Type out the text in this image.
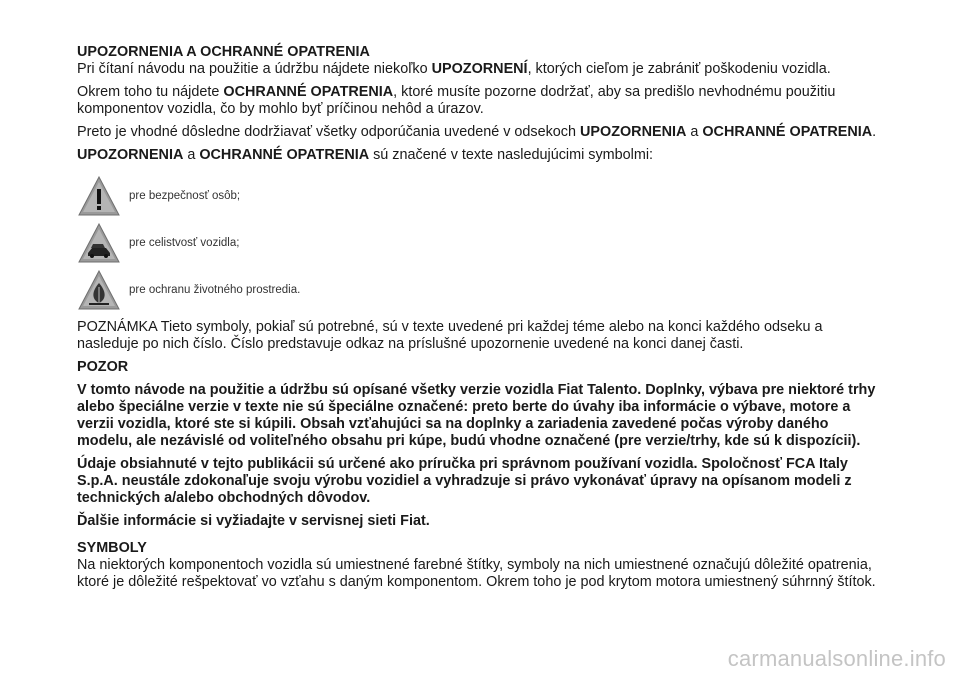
UPOZORNENIA A OCHRANNÉ OPATRENIA

Pri čítaní návodu na použitie a údržbu nájdete niekoľko UPOZORNENÍ, ktorých cieľom je zabrániť poškodeniu vozidla.

Okrem toho tu nájdete OCHRANNÉ OPATRENIA, ktoré musíte pozorne dodržať, aby sa predišlo nevhodnému použitiu komponentov vozidla, čo by mohlo byť príčinou nehôd a úrazov.

Preto je vhodné dôsledne dodržiavať všetky odporúčania uvedené v odsekoch UPOZORNENIA a OCHRANNÉ OPATRENIA.

UPOZORNENIA a OCHRANNÉ OPATRENIA sú značené v texte nasledujúcimi symbolmi:

pre bezpečnosť osôb;
pre celistvosť vozidla;
pre ochranu životného prostredia.

POZNÁMKA Tieto symboly, pokiaľ sú potrebné, sú v texte uvedené pri každej téme alebo na konci každého odseku a nasleduje po nich číslo. Číslo predstavuje odkaz na príslušné upozornenie uvedené na konci danej časti.

POZOR

V tomto návode na použitie a údržbu sú opísané všetky verzie vozidla Fiat Talento. Doplnky, výbava pre niektoré trhy alebo špeciálne verzie v texte nie sú špeciálne označené: preto berte do úvahy iba informácie o výbave, motore a verzii vozidla, ktoré ste si kúpili. Obsah vzťahujúci sa na doplnky a zariadenia zavedené počas výroby daného modelu, ale nezávislé od voliteľného obsahu pri kúpe, budú vhodne označené (pre verzie/trhy, kde sú k dispozícii).

Údaje obsiahnuté v tejto publikácii sú určené ako príručka pri správnom používaní vozidla. Spoločnosť FCA Italy S.p.A. neustále zdokonaľuje svoju výrobu vozidiel a vyhradzuje si právo vykonávať úpravy na opísanom modeli z technických a/alebo obchodných dôvodov.

Ďalšie informácie si vyžiadajte v servisnej sieti Fiat.

SYMBOLY

Na niektorých komponentoch vozidla sú umiestnené farebné štítky, symboly na nich umiestnené označujú dôležité opatrenia, ktoré je dôležité rešpektovať vo vzťahu s daným komponentom. Okrem toho je pod krytom motora umiestnený súhrnný štítok.

carmanualsonline.info
